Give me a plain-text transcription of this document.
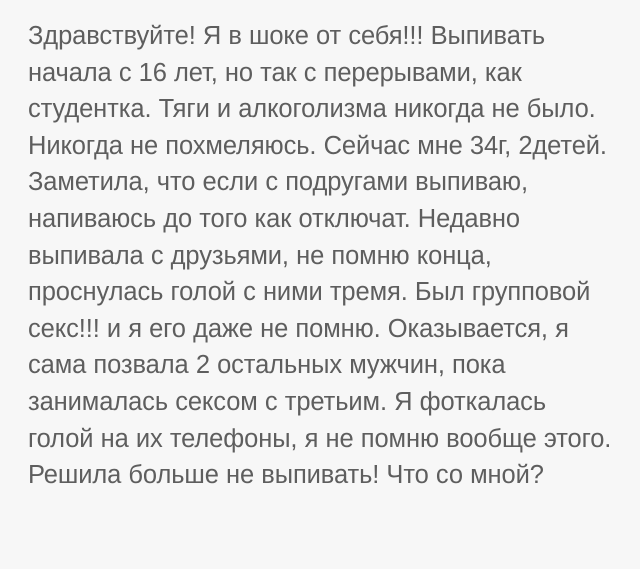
Здравствуйте! Я в шоке от себя!!! Выпивать начала с 16 лет, но так с перерывами, как студентка. Тяги и алкоголизма никогда не было. Никогда не похмеляюсь. Сейчас мне 34г, 2детей. Заметила, что если с подругами выпиваю, напиваюсь до того как отключат. Недавно выпивала с друзьями, не помню конца, проснулась голой с ними тремя. Был групповой секс!!! и я его даже не помню. Оказывается, я сама позвала 2 остальных мужчин, пока занималась сексом с третьим. Я фоткалась голой на их телефоны, я не помню вообще этого. Решила больше не выпивать! Что со мной?
